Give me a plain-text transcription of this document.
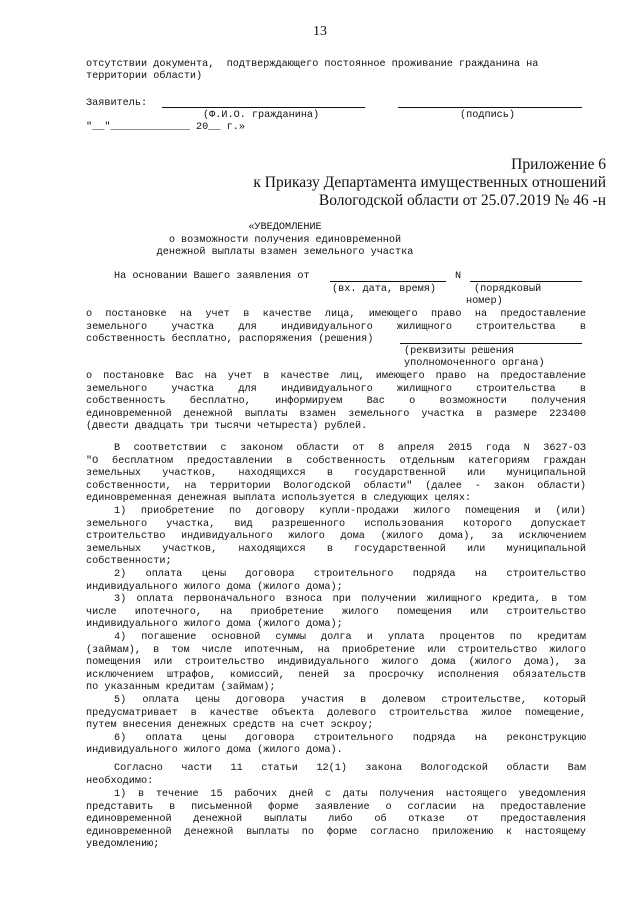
13
отсутствии документа,  подтверждающего постоянное проживание гражданина на
территории области)
Заявитель:
(Ф.И.О. гражданина)	(подпись)
"__"_____________ 20__ г.»
Приложение 6
к Приказу Департамента имущественных отношений
Вологодской области от 25.07.2019 № 46 -н
«УВЕДОМЛЕНИЕ
о возможности получения единовременной
денежной выплаты взамен земельного участка
На основании Вашего заявления от	N
(вх. дата, время)	(порядковый
номер)
о постановке на учет в качестве лица, имеющего право на предоставление
земельного участка для индивидуального жилищного строительства в
собственность бесплатно, распоряжения (решения)
(реквизиты решения
уполномоченного органа)
о постановке Вас на учет в качестве лиц, имеющего право на предоставление
земельного участка для индивидуального жилищного строительства в
собственность бесплатно, информируем Вас о возможности получения
единовременной денежной выплаты взамен земельного участка в размере 223400
(двести двадцать три тысячи четыреста) рублей.
В соответствии с законом области от 8 апреля 2015 года N 3627-ОЗ
"О бесплатном предоставлении в собственность отдельным категориям граждан
земельных участков, находящихся в государственной или муниципальной
собственности, на территории Вологодской области" (далее - закон области)
единовременная денежная выплата используется в следующих целях:
1) приобретение по договору купли-продажи жилого помещения и (или)
земельного участка, вид разрешенного использования которого допускает
строительство индивидуального жилого дома (жилого дома), за исключением
земельных участков, находящихся в государственной или муниципальной
собственности;
2) оплата цены договора строительного подряда на строительство
индивидуального жилого дома (жилого дома);
3) оплата первоначального взноса при получении жилищного кредита, в том
числе ипотечного, на приобретение жилого помещения или строительство
индивидуального жилого дома (жилого дома);
4) погашение основной суммы долга и уплата процентов по кредитам
(займам), в том числе ипотечным, на приобретение или строительство жилого
помещения или строительство индивидуального жилого дома (жилого дома), за
исключением штрафов, комиссий, пеней за просрочку исполнения обязательств
по указанным кредитам (займам);
5) оплата цены договора участия в долевом строительстве, который
предусматривает в качестве объекта долевого строительства жилое помещение,
путем внесения денежных средств на счет эскроу;
6) оплата цены договора строительного подряда на реконструкцию
индивидуального жилого дома (жилого дома).
Согласно части 11 статьи 12(1) закона Вологодской области Вам
необходимо:
1) в течение 15 рабочих дней с даты получения настоящего уведомления
представить в письменной форме заявление о согласии на предоставление
единовременной денежной выплаты либо об отказе от предоставления
единовременной денежной выплаты по форме согласно приложению к настоящему
уведомлению;
